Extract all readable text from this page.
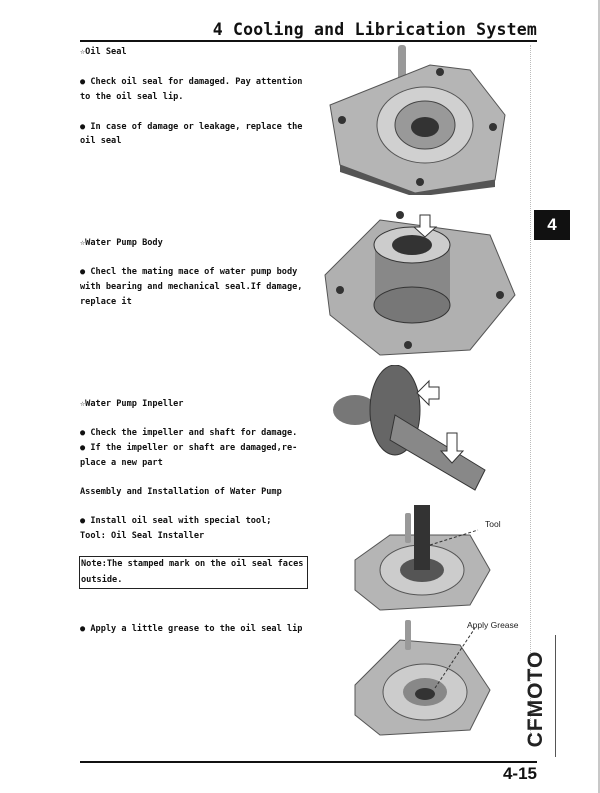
4 Cooling and Librication System
☆Oil Seal
● Check oil seal for damaged. Pay attention
to the oil seal lip.
● In case of damage or leakage, replace the
oil seal
☆Water Pump Body
● Checl the mating mace of water pump body
with bearing and mechanical seal.If damage,
replace it
☆Water Pump Inpeller
● Check the impeller and shaft for damage.
● If the impeller or shaft are damaged,re-
place a new part
Assembly and Installation of Water Pump
● Install oil seal with special tool;
Tool: Oil Seal Installer
Note:The stamped mark on the oil seal faces
outside.
● Apply a little grease to the oil seal lip
Tool
Apply Grease
4
CFMOTO
4-15
